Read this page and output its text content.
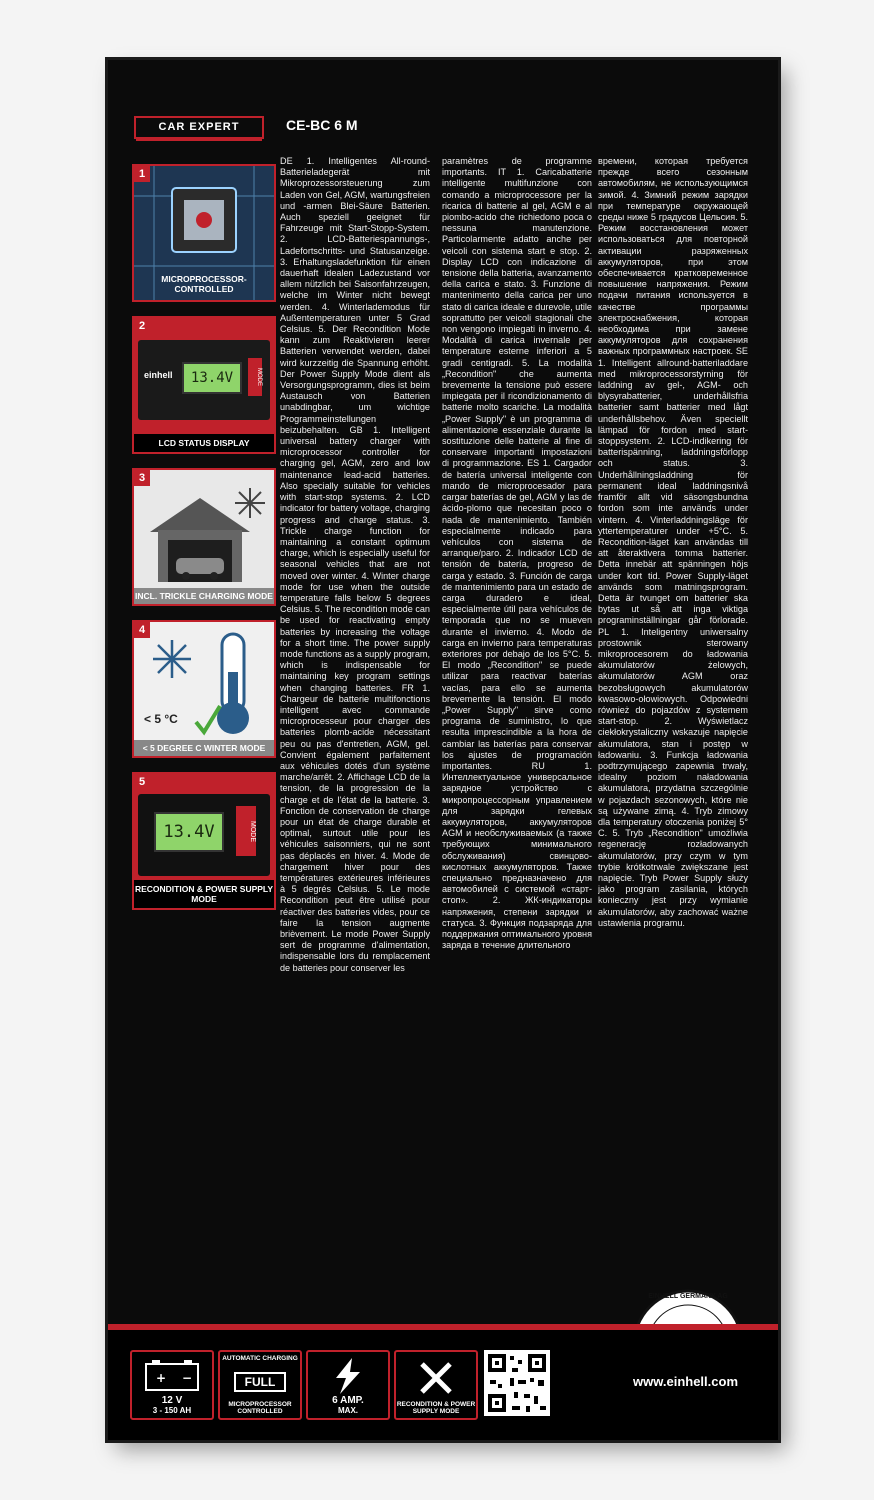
CAR EXPERT	CE-BC 6 M
1
MICROPROCESSOR-CONTROLLED
2
einhell	13.4V	MODE
LCD STATUS DISPLAY
3
INCL. TRICKLE CHARGING MODE
4
< 5 °C
< 5 DEGREE C WINTER MODE
5
13.4V	MODE
RECONDITION & POWER SUPPLY MODE
DE 1. Intelligentes All-round-Batterieladegerät mit Mikroprozessorsteuerung zum Laden von Gel, AGM, wartungsfreien und -armen Blei-Säure Batterien. Auch speziell geeignet für Fahrzeuge mit Start-Stopp-System. 2. LCD-Batteriespannungs-, Ladefortschritts- und Statusanzeige. 3. Erhaltungsladefunktion für einen dauerhaft idealen Ladezustand vor allem nützlich bei Saisonfahrzeugen, welche im Winter nicht bewegt werden. 4. Winterlademodus für Außentemperaturen unter 5 Grad Celsius. 5. Der Recondition Mode kann zum Reaktivieren leerer Batterien verwendet werden, dabei wird kurzzeitig die Spannung erhöht. Der Power Supply Mode dient als Versorgungsprogramm, dies ist beim Austausch von Batterien unabdingbar, um wichtige Programmeinstellungen beizubehalten. GB 1. Intelligent universal battery charger with microprocessor controller for charging gel, AGM, zero and low maintenance lead-acid batteries. Also specially suitable for vehicles with start-stop systems. 2. LCD indicator for battery voltage, charging progress and charge status. 3. Trickle charge function for maintaining a constant optimum charge, which is especially useful for seasonal vehicles that are not moved over winter. 4. Winter charge mode for use when the outside temperature falls below 5 degrees Celsius. 5. The recondition mode can be used for reactivating empty batteries by increasing the voltage for a short time. The power supply mode functions as a supply program, which is indispensable for maintaining key program settings when changing batteries. FR 1. Chargeur de batterie multifonctions intelligent avec commande microprocesseur pour charger des batteries plomb-acide nécessitant peu ou pas d'entretien, AGM, gel. Convient également parfaitement aux véhicules dotés d'un système marche/arrêt. 2. Affichage LCD de la tension, de la progression de la charge et de l'état de la batterie. 3. Fonction de conservation de charge pour un état de charge durable et optimal, surtout utile pour les véhicules saisonniers, qui ne sont pas déplacés en hiver. 4. Mode de chargement hiver pour des températures extérieures inférieures à 5 degrés Celsius. 5. Le mode Recondition peut être utilisé pour réactiver des batteries vides, pour ce faire la tension augmente brièvement. Le mode Power Supply sert de programme d'alimentation, indispensable lors du remplacement de batteries pour conserver les
paramètres de programme importants. IT 1. Caricabatterie intelligente multifunzione con comando a microprocessore per la ricarica di batterie al gel, AGM e al piombo-acido che richiedono poca o nessuna manutenzione. Particolarmente adatto anche per veicoli con sistema start e stop. 2. Display LCD con indicazione di tensione della batteria, avanzamento della carica e stato. 3. Funzione di mantenimento della carica per uno stato di carica ideale e durevole, utile soprattutto per veicoli stagionali che non vengono impiegati in inverno. 4. Modalità di carica invernale per temperature esterne inferiori a 5 gradi centigradi. 5. La modalità „Recondition" che aumenta brevemente la tensione può essere impiegata per il ricondizionamento di batterie molto scariche. La modalità „Power Supply" è un programma di alimentazione essenziale durante la sostituzione delle batterie al fine di conservare importanti impostazioni di programmazione. ES 1. Cargador de batería universal inteligente con mando de microprocesador para cargar baterías de gel, AGM y las de ácido-plomo que necesitan poco o nada de mantenimiento. También especialmente indicado para vehículos con sistema de arranque/paro. 2. Indicador LCD de tensión de batería, progreso de carga y estado. 3. Función de carga de mantenimiento para un estado de carga duradero e ideal, especialmente útil para vehículos de temporada que no se mueven durante el invierno. 4. Modo de carga en invierno para temperaturas exteriores por debajo de los 5°C. 5. El modo „Recondition" se puede utilizar para reactivar baterías vacías, para ello se aumenta brevemente la tensión. El modo „Power Supply" sirve como programa de suministro, lo que resulta imprescindible a la hora de cambiar las baterías para conservar los ajustes de programación importantes. RU 1. Интеллектуальное универсальное зарядное устройство с микропроцессорным управлением для зарядки гелевых аккумуляторов, аккумуляторов AGM и необслуживаемых (а также требующих минимального обслуживания) свинцово-кислотных аккумуляторов. Также специально предназначено для автомобилей с системой «старт-стоп». 2. ЖК-индикаторы напряжения, степени зарядки и статуса. 3. Функция подзаряда для поддержания оптимального уровня заряда в течение длительного
времени, которая требуется прежде всего сезонным автомобилям, не использующимся зимой. 4. Зимний режим зарядки при температуре окружающей среды ниже 5 градусов Цельсия. 5. Режим восстановления может использоваться для повторной активации разряженных аккумуляторов, при этом обеспечивается кратковременное повышение напряжения. Режим подачи питания используется в качестве программы электроснабжения, которая необходима при замене аккумуляторов для сохранения важных программных настроек. SE 1. Intelligent allround-batteriladdare med mikroprocessorstyrning för laddning av gel-, AGM- och blysyrabatterier, underhållsfria batterier samt batterier med lågt underhållsbehov. Även speciellt lämpad för fordon med start-stoppsystem. 2. LCD-indikering för batterispänning, laddningsförlopp och status. 3. Underhållningsladdning för permanent ideal laddningsnivå framför allt vid säsongsbundna fordon som inte används under vintern. 4. Vinterladdningsläge för yttertemperaturer under +5°C. 5. Recondition-läget kan användas till att återaktivera tomma batterier. Detta innebär att spänningen höjs under kort tid. Power Supply-läget används som matningsprogram. Detta är tvunget om batterier ska bytas ut så att inga viktiga programinställningar går förlorade. PL 1. Inteligentny uniwersalny prostownik sterowany mikroprocesorem do ładowania akumulatorów żelowych, akumulatorów AGM oraz bezobsługowych akumulatorów kwasowo-ołowiowych. Odpowiedni również do pojazdów z systemem start-stop. 2. Wyświetlacz ciekłokrystaliczny wskazuje napięcie akumulatora, stan i postęp w ładowaniu. 3. Funkcja ładowania podtrzymującego zapewnia trwały, idealny poziom naładowania akumulatora, przydatna szczególnie w pojazdach sezonowych, które nie są używane zimą. 4. Tryb zimowy dla temperatury otoczenia poniżej 5° C. 5. Tryb „Recondition" umożliwia regenerację rozładowanych akumulatorów, przy czym w tym trybie krótkotrwale zwiększane jest napięcie. Tryb Power Supply służy jako program zasilania, których konieczny jest przy wymianie akumulatorów, aby zachować ważne ustawienia programu.
EINHELL GERMANY AG
+ −
12 V
3 - 150 AH
AUTOMATIC CHARGING
FULL
MICROPROCESSOR CONTROLLED
6 AMP.
MAX.
RECONDITION & POWER SUPPLY MODE
www.einhell.com
